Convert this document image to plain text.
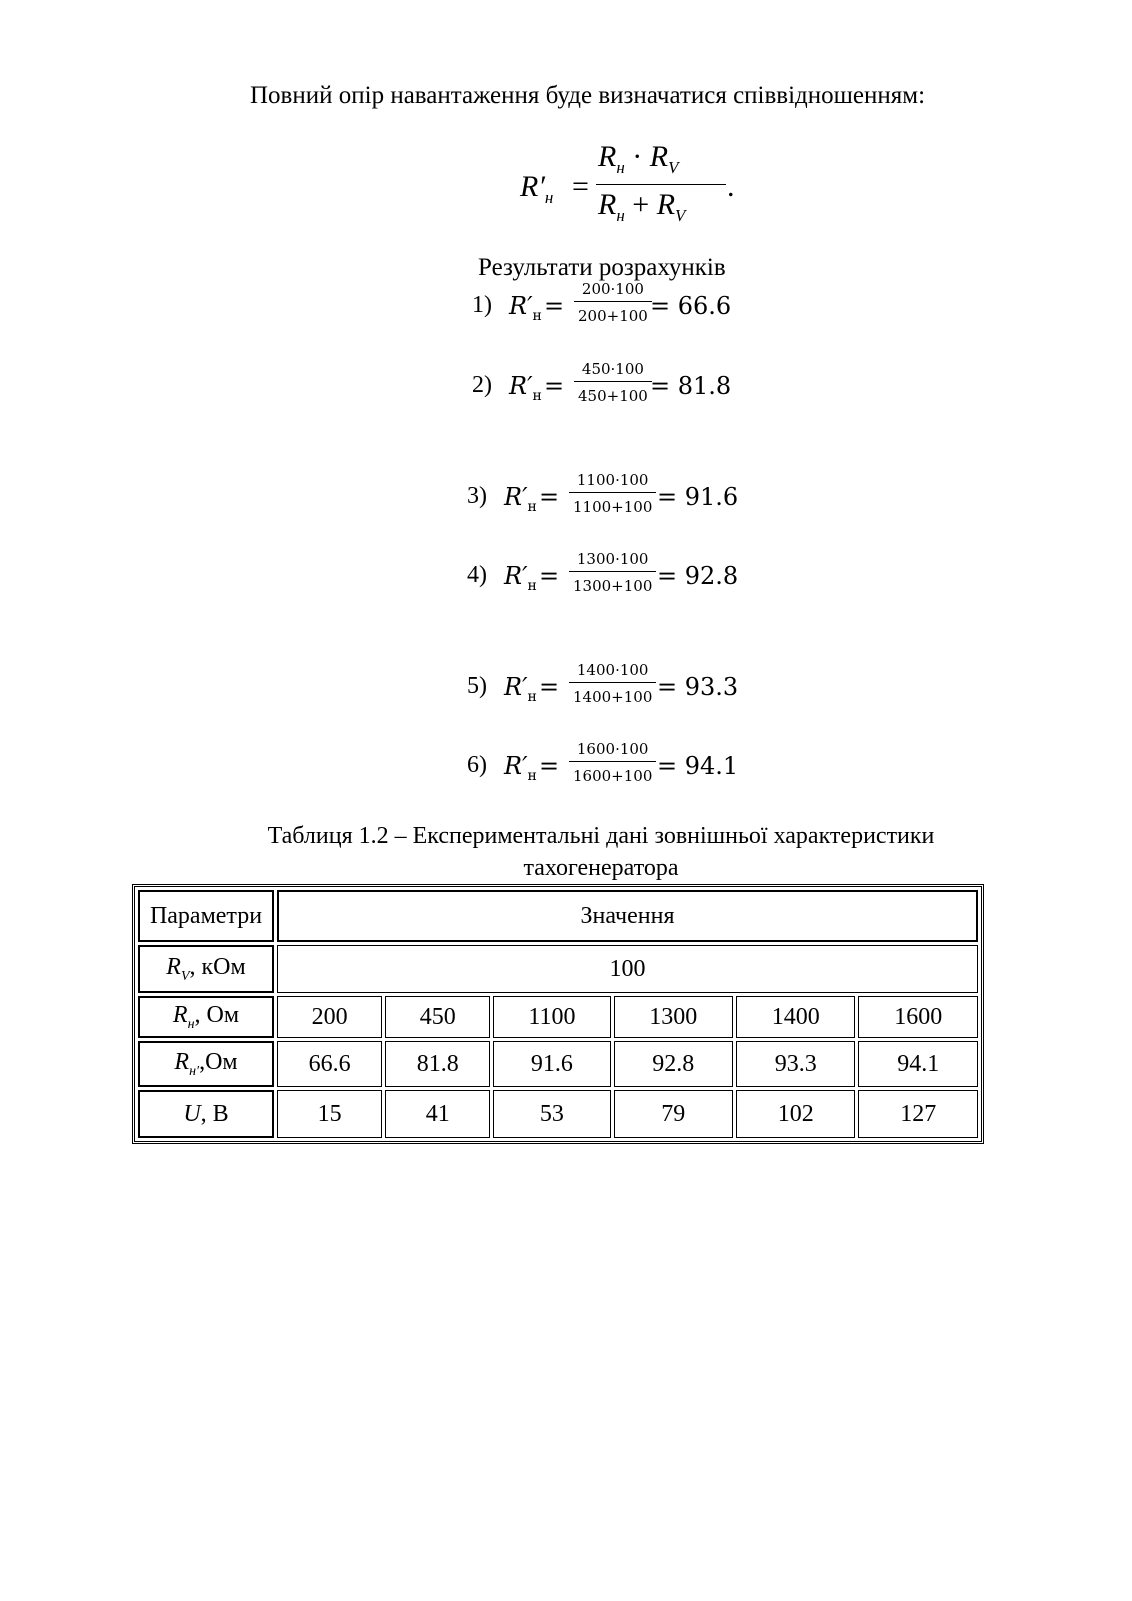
Повний опір навантаження буде визначатися співвідношенням:
$R'_н$ =
$R_н \cdot R_V$
$R_н + R_V$
.
Результати розрахунків
1) $R'_н = \frac{200\cdot 100}{200+100}$
= 66.6
2) $R'_н = \frac{450\cdot 100}{450+100}$
= 81.8
3) $R'_н = \frac{1100\cdot 100}{1100+100} = 91.6$
4) $R'_н = \frac{1300\cdot 100}{1300+100} = 92.8$
5) $R'_н = \frac{1400\cdot 100}{1400+100} = 93.3$
6) $R'_н = \frac{1600\cdot 100}{1600+100} = 94.1$
Таблиця 1.2 – Експериментальні дані зовнішньої характеристики
тахогенератора
Параметри	Значення					
$R_V$, кОм	100					
$R_н$, Ом	200	450	1100	1300	1400	1600
$R_{н'},Ом$	66.6	81.8	91.6	92.8	93.3	94.1
U, В	15	41	53	79	102	127
